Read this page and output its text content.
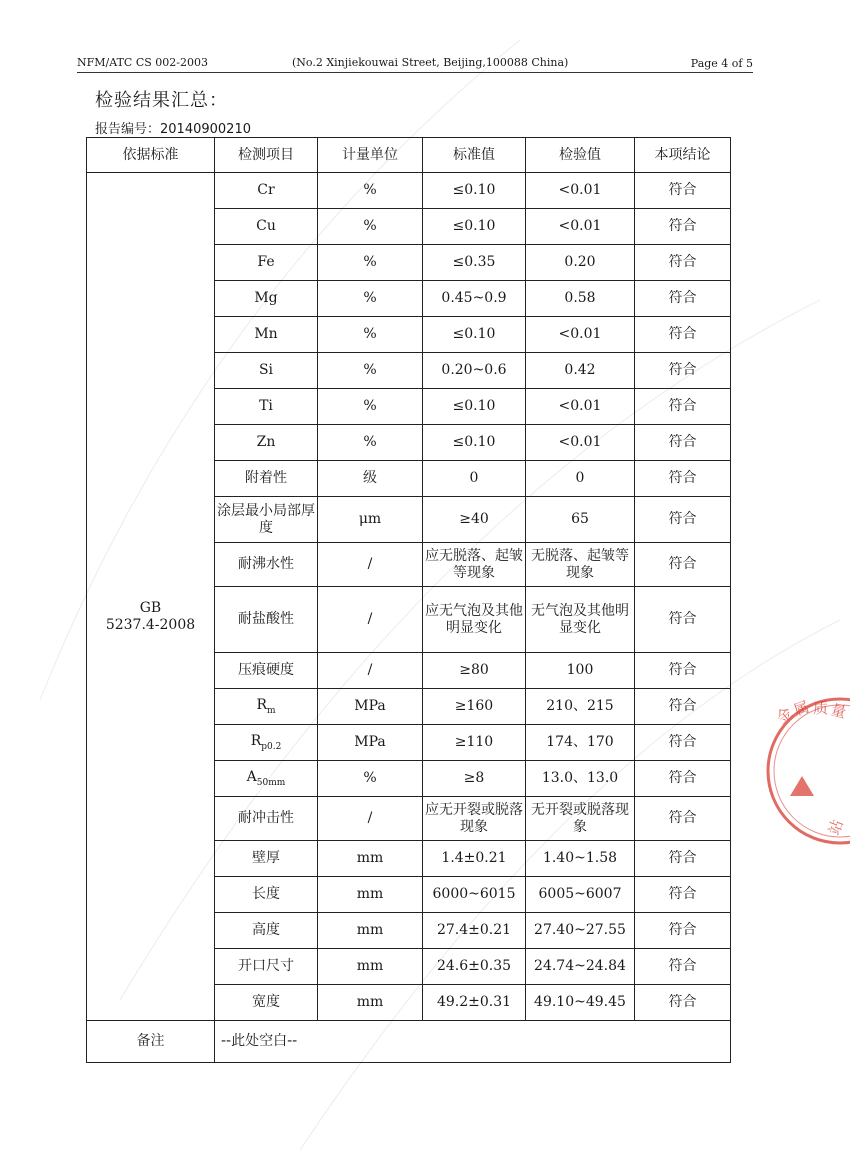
NFM/ATC CS 002-2003	(No.2 Xinjiekouwai Street, Beijing,100088 China)	Page 4 of 5
检验结果汇总：
报告编号：20140900210
依据标准	检测项目	计量单位	标准值	检验值	本项结论

GB
5237.4-2008	Cr	%	≤0.10	<0.01	符合
	Cu	%	≤0.10	<0.01	符合
	Fe	%	≤0.35	0.20	符合
	Mg	%	0.45~0.9	0.58	符合
	Mn	%	≤0.10	<0.01	符合
	Si	%	0.20~0.6	0.42	符合
	Ti	%	≤0.10	<0.01	符合
	Zn	%	≤0.10	<0.01	符合
	附着性	级	0	0	符合
	涂层最小局部厚度	μm	≥40	65	符合
	耐沸水性	/	应无脱落、起皱等现象	无脱落、起皱等现象	符合
	耐盐酸性	/	应无气泡及其他明显变化	无气泡及其他明显变化	符合
	压痕硬度	/	≥80	100	符合
	$R_m$	MPa	≥160	210、215	符合
	$R_{p0.2}$	MPa	≥110	174、170	符合
	$A_{50mm}$	%	≥8	13.0、13.0	符合
	耐冲击性	/	应无开裂或脱落现象	无开裂或脱落现象	符合
	壁厚	mm	1.4±0.21	1.40~1.58	符合
	长度	mm	6000~6015	6005~6007	符合
	高度	mm	27.4±0.21	27.40~27.55	符合
	开口尺寸	mm	24.6±0.35	24.74~24.84	符合
	宽度	mm	49.2±0.31	49.10~49.45	符合
备注	--此处空白--				
金
属 质 量
站
